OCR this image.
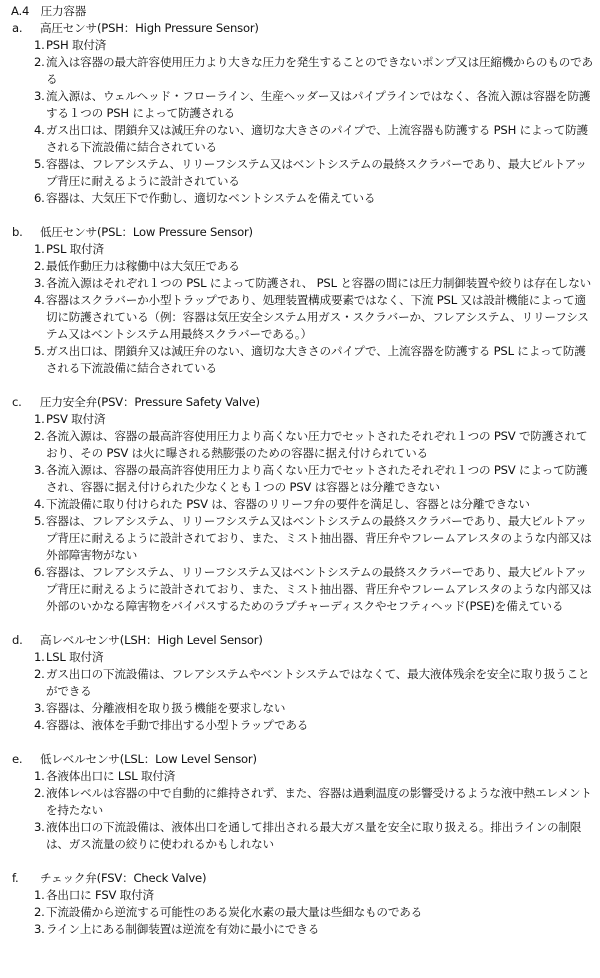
A.4　圧力容器
a. 高圧センサ(PSH：High Pressure Sensor)
1. PSH 取付済
2. 流入は容器の最大許容使用圧力より大きな圧力を発生することのできないポンプ又は圧縮機からのものである
3. 流入源は、ウェルヘッド・フローライン、生産ヘッダー又はパイプラインではなく、各流入源は容器を防護する１つの PSH によって防護される
4. ガス出口は、閉鎖弁又は減圧弁のない、適切な大きさのパイプで、上流容器も防護する PSH によって防護される下流設備に結合されている
5. 容器は、フレアシステム、リリーフシステム又はベントシステムの最終スクラバーであり、最大ビルトアップ背圧に耐えるように設計されている
6. 容器は、大気圧下で作動し、適切なベントシステムを備えている
b. 低圧センサ(PSL：Low Pressure Sensor)
1. PSL 取付済
2. 最低作動圧力は稼働中は大気圧である
3. 各流入源はそれぞれ１つの PSL によって防護され、 PSL と容器の間には圧力制御装置や絞りは存在しない
4. 容器はスクラバーか小型トラップであり、処理装置構成要素ではなく、下流 PSL 又は設計機能によって適切に防護されている（例：容器は気圧安全システム用ガス・スクラバーか、フレアシステム、リリーフシステム又はベントシステム用最終スクラバーである。）
5. ガス出口は、閉鎖弁又は減圧弁のない、適切な大きさのパイプで、上流容器を防護する PSL によって防護される下流設備に結合されている
c. 圧力安全弁(PSV：Pressure Safety Valve)
1. PSV 取付済
2. 各流入源は、容器の最高許容使用圧力より高くない圧力でセットされたそれぞれ１つの PSV で防護されており、その PSV は火に曝される熱膨張のための容器に据え付けられている
3. 各流入源は、容器の最高許容使用圧力より高くない圧力でセットされたそれぞれ１つの PSV によって防護され、容器に据え付けられた少なくとも１つの PSV は容器とは分離できない
4. 下流設備に取り付けられた PSV は、容器のリリーフ弁の要件を満足し、容器とは分離できない
5. 容器は、フレアシステム、リリーフシステム又はベントシステムの最終スクラバーであり、最大ビルトアップ背圧に耐えるように設計されており、また、ミスト抽出器、背圧弁やフレームアレスタのような内部又は外部障害物がない
6. 容器は、フレアシステム、リリーフシステム又はベントシステムの最終スクラバーであり、最大ビルトアップ背圧に耐えるように設計されており、また、ミスト抽出器、背圧弁やフレームアレスタのような内部又は外部のいかなる障害物をバイパスするためのラプチャーディスクやセフティヘッド(PSE)を備えている
d. 高レベルセンサ(LSH：High Level Sensor)
1. LSL 取付済
2. ガス出口の下流設備は、フレアシステムやベントシステムではなくて、最大液体残余を安全に取り扱うことができる
3. 容器は、分離液相を取り扱う機能を要求しない
4. 容器は、液体を手動で排出する小型トラップである
e. 低レベルセンサ(LSL：Low Level Sensor)
1. 各液体出口に LSL 取付済
2. 液体レベルは容器の中で自動的に維持されず、また、容器は過剰温度の影響受けるような液中熱エレメントを持たない
3. 液体出口の下流設備は、液体出口を通して排出される最大ガス量を安全に取り扱える。排出ラインの制限は、ガス流量の絞りに使われるかもしれない
f. チェック弁(FSV：Check Valve)
1. 各出口に FSV 取付済
2. 下流設備から逆流する可能性のある炭化水素の最大量は些細なものである
3. ライン上にある制御装置は逆流を有効に最小にできる
